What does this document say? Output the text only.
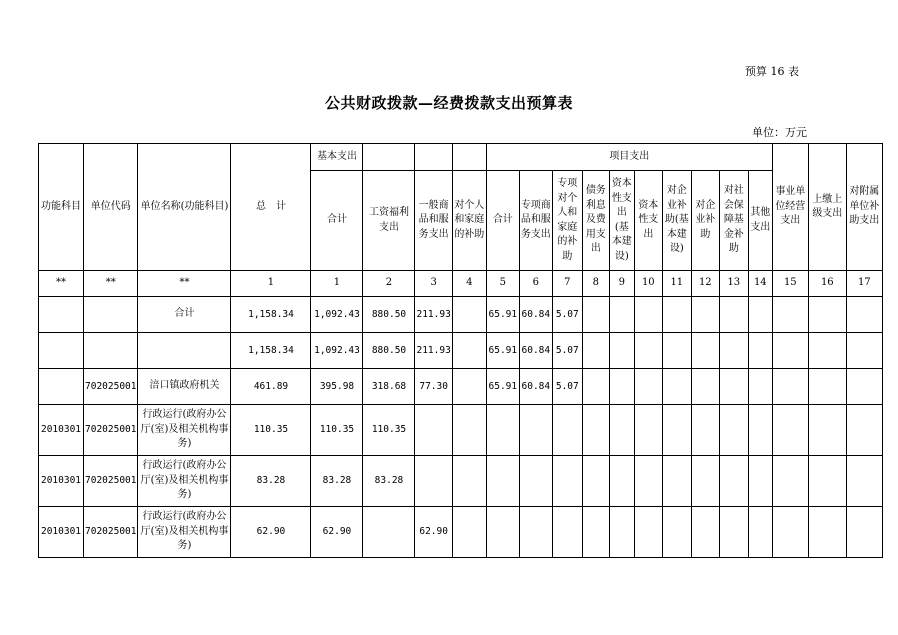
预算 16 表
公共财政拨款—经费拨款支出预算表
单位：万元
功能科目	单位代码	单位名称(功能科目)	总　计	基本支出				项目支出										事业单位经营支出	上缴上级支出	对附属单位补助支出
				合计	工资福利支出	一般商品和服务支出	对个人和家庭的补助	合计	专项商品和服务支出	专项对个人和家庭的补助	债务利息及费用支出	资本性支出(基本建设)	资本性支出	对企业补助(基本建设)	对企业补助	对社会保障基金补助	其他支出			
**	**	**	1	1	2	3	4	5	6	7	8	9	10	11	12	13	14	15	16	17
		合计	1,158.34	1,092.43	880.50	211.93		65.91	60.84	5.07										
			1,158.34	1,092.43	880.50	211.93		65.91	60.84	5.07										
	702025001	涪口镇政府机关	461.89	395.98	318.68	77.30		65.91	60.84	5.07										
2010301	702025001	行政运行(政府办公厅(室)及相关机构事务)	110.35	110.35	110.35															
2010301	702025001	行政运行(政府办公厅(室)及相关机构事务)	83.28	83.28	83.28															
2010301	702025001	行政运行(政府办公厅(室)及相关机构事务)	62.90	62.90		62.90														
